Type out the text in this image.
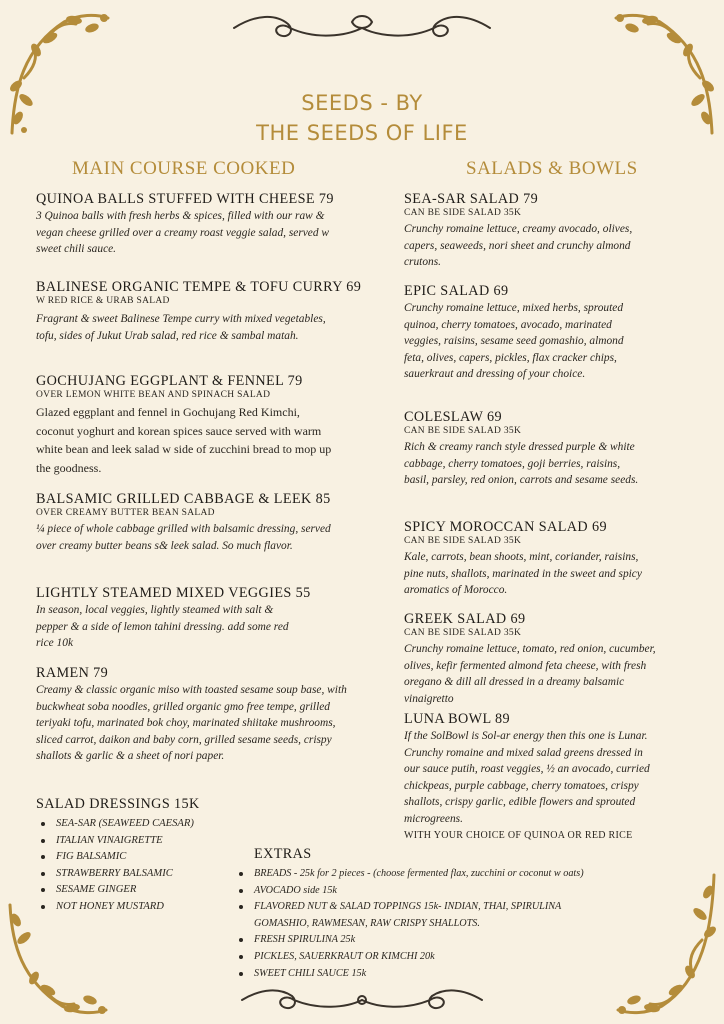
SEEDS - BY
THE SEEDS OF LIFE
MAIN COURSE COOKED	SALADS & BOWLS
QUINOA BALLS STUFFED WITH CHEESE 79
3 Quinoa balls with fresh herbs & spices, filled with our raw & vegan cheese grilled over a creamy roast veggie salad, served w sweet chili sauce.
BALINESE ORGANIC TEMPE & TOFU CURRY 69
W RED RICE & URAB SALAD
Fragrant & sweet Balinese Tempe curry with mixed vegetables, tofu, sides of Jukut Urab salad, red rice & sambal matah.
GOCHUJANG EGGPLANT & FENNEL 79
OVER LEMON WHITE BEAN AND SPINACH SALAD
Glazed eggplant and fennel in Gochujang Red Kimchi, coconut yoghurt and korean spices sauce served with warm white bean and leek salad w side of zucchini bread to mop up the goodness.
BALSAMIC GRILLED CABBAGE & LEEK 85
OVER CREAMY BUTTER BEAN SALAD
¼ piece of whole cabbage grilled with balsamic dressing, served over creamy butter beans s& leek salad. So much flavor.
LIGHTLY STEAMED MIXED VEGGIES 55
In season, local veggies, lightly steamed with salt & pepper & a side of lemon tahini dressing. add some red rice 10k
RAMEN 79
Creamy & classic organic miso with toasted sesame soup base, with buckwheat soba noodles, grilled organic gmo free tempe, grilled teriyaki tofu, marinated bok choy, marinated shiitake mushrooms, sliced carrot, daikon and baby corn, grilled sesame seeds, crispy shallots & garlic & a sheet of nori paper.
SEA-SAR SALAD 79
CAN BE SIDE SALAD 35K
Crunchy romaine lettuce, creamy avocado, olives, capers, seaweeds, nori sheet and crunchy almond crutons.
EPIC SALAD 69
Crunchy romaine lettuce, mixed herbs, sprouted quinoa, cherry tomatoes, avocado, marinated veggies, raisins, sesame seed gomashio, almond feta, olives, capers, pickles, flax cracker chips, sauerkraut and dressing of your choice.
COLESLAW 69
CAN BE SIDE SALAD 35K
Rich & creamy ranch style dressed purple & white cabbage, cherry tomatoes, goji berries, raisins, basil, parsley, red onion, carrots and sesame seeds.
SPICY MOROCCAN SALAD 69
CAN BE SIDE SALAD 35K
Kale, carrots, bean shoots, mint, coriander, raisins, pine nuts, shallots, marinated in the sweet and spicy aromatics of Morocco.
GREEK SALAD 69
CAN BE SIDE SALAD 35K
Crunchy romaine lettuce, tomato, red onion, cucumber, olives, kefir fermented almond feta cheese, with fresh oregano & dill all dressed in a dreamy balsamic vinaigretto
LUNA BOWL 89
If the SolBowl is Sol-ar energy then this one is Lunar. Crunchy romaine and mixed salad greens dressed in our sauce putih, roast veggies, ½ an avocado, curried chickpeas, purple cabbage, cherry tomatoes, crispy shallots, crispy garlic, edible flowers and sprouted microgreens.
WITH YOUR CHOICE OF QUINOA OR RED RICE
SALAD DRESSINGS 15K
SEA-SAR (SEAWEED CAESAR)
ITALIAN VINAIGRETTE
FIG BALSAMIC
STRAWBERRY BALSAMIC
SESAME GINGER
NOT HONEY MUSTARD
EXTRAS
BREADS - 25k for 2 pieces - (choose fermented flax, zucchini or coconut w oats)
AVOCADO side 15k
FLAVORED NUT & SALAD TOPPINGS 15k- INDIAN, THAI, SPIRULINA
GOMASHIO, RAWMESAN, RAW CRISPY SHALLOTS.
FRESH SPIRULINA 25k
PICKLES, SAUERKRAUT OR KIMCHI 20k
SWEET CHILI SAUCE 15k
